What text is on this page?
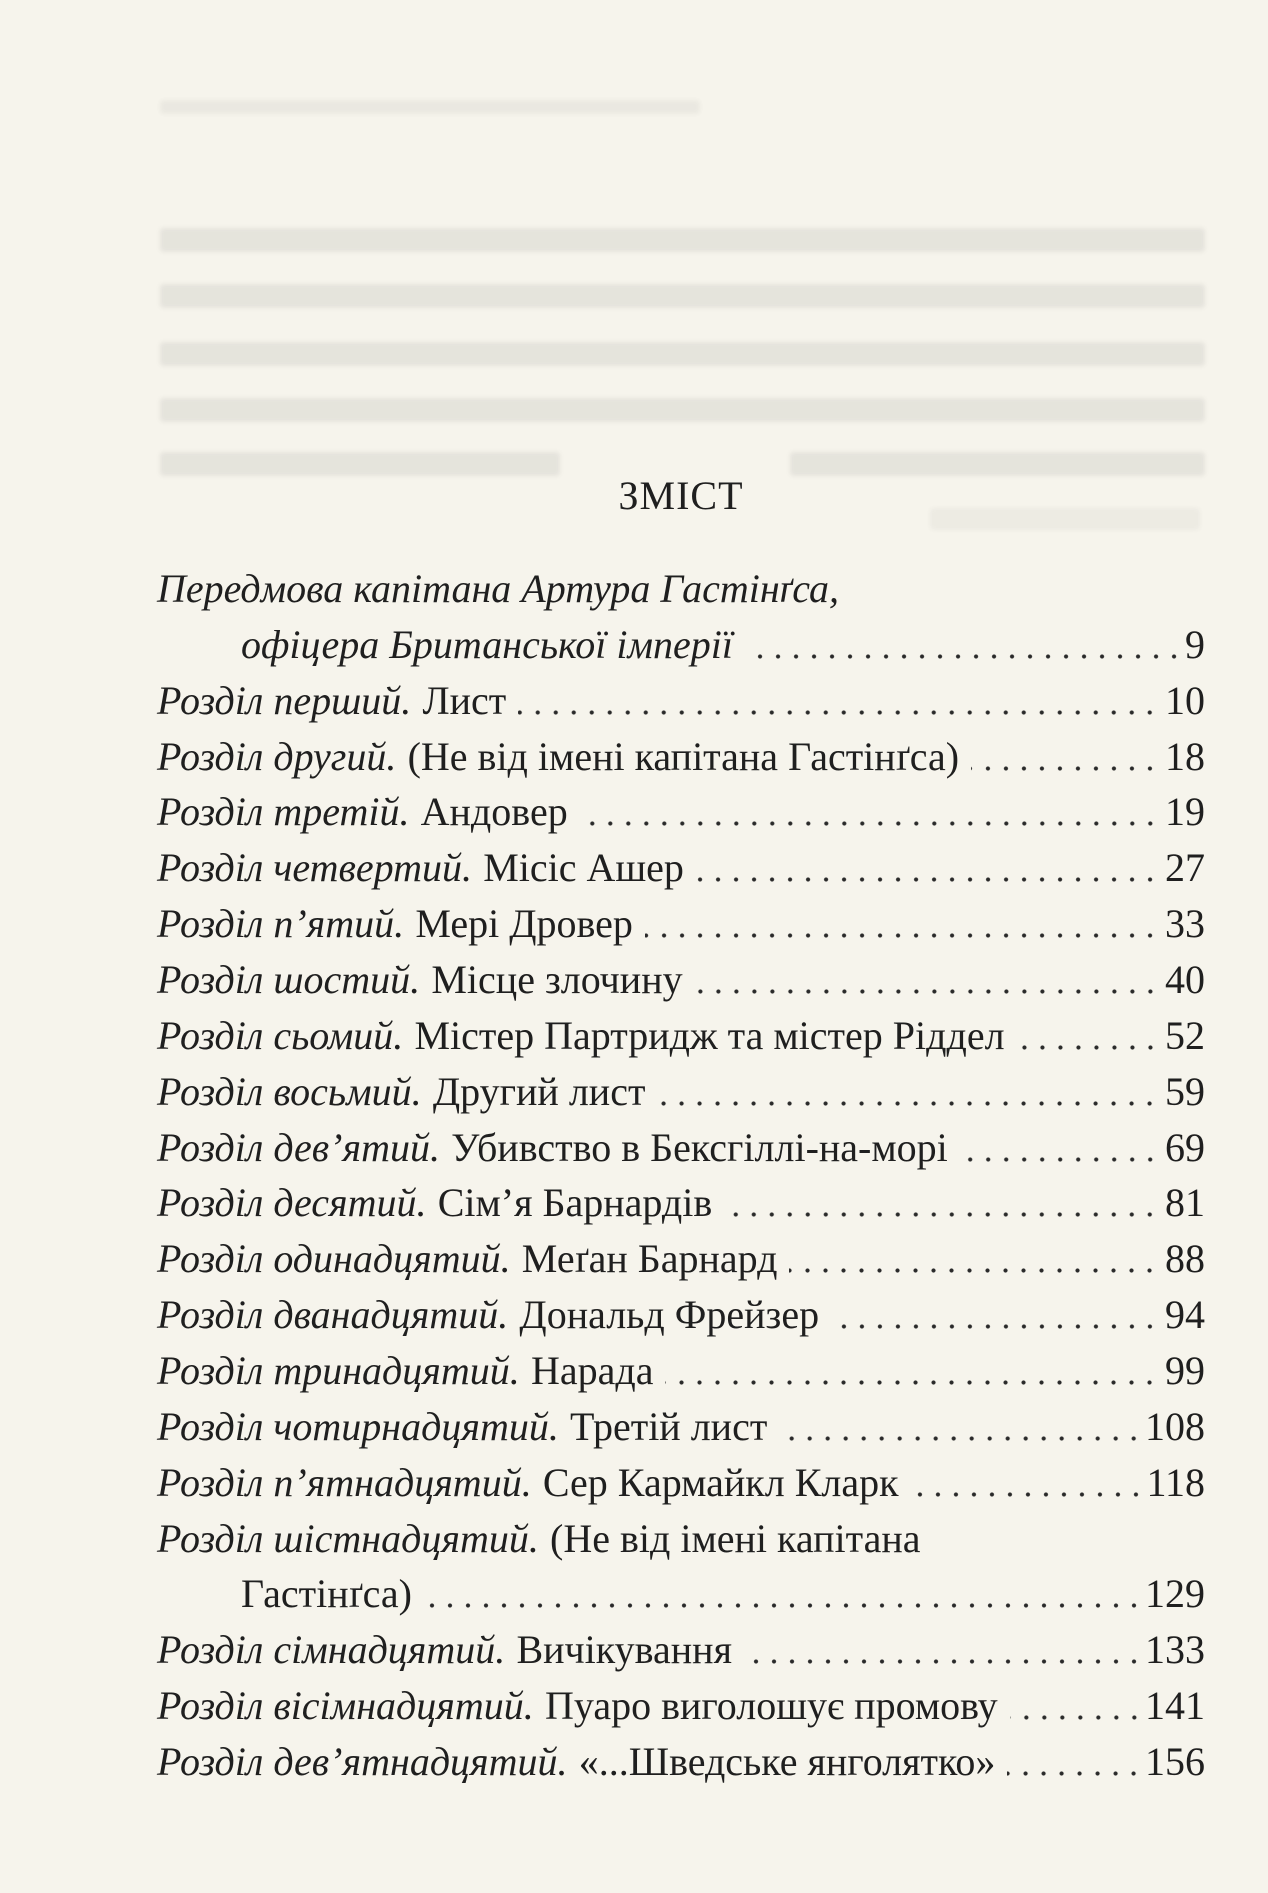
ЗМІСТ
Передмова капітана Артура Гастінґса,
офіцера Британської імперії	9
Розділ перший. Лист	10
Розділ другий. (Не від імені капітана Гастінґса)	18
Розділ третій. Андовер	19
Розділ четвертий. Місіс Ашер	27
Розділ п’ятий. Мері Дровер	33
Розділ шостий. Місце злочину	40
Розділ сьомий. Містер Партридж та містер Ріддел	52
Розділ восьмий. Другий лист	59
Розділ дев’ятий. Убивство в Бексгіллі-на-морі	69
Розділ десятий. Сім’я Барнардів	81
Розділ одинадцятий. Меґан Барнард	88
Розділ дванадцятий. Дональд Фрейзер	94
Розділ тринадцятий. Нарада	99
Розділ чотирнадцятий. Третій лист	108
Розділ п’ятнадцятий. Сер Кармайкл Кларк	118
Розділ шістнадцятий. (Не від імені капітана
Гастінґса)	129
Розділ сімнадцятий. Вичікування	133
Розділ вісімнадцятий. Пуаро виголошує промову	141
Розділ дев’ятнадцятий. «...Шведське янголятко»	156
